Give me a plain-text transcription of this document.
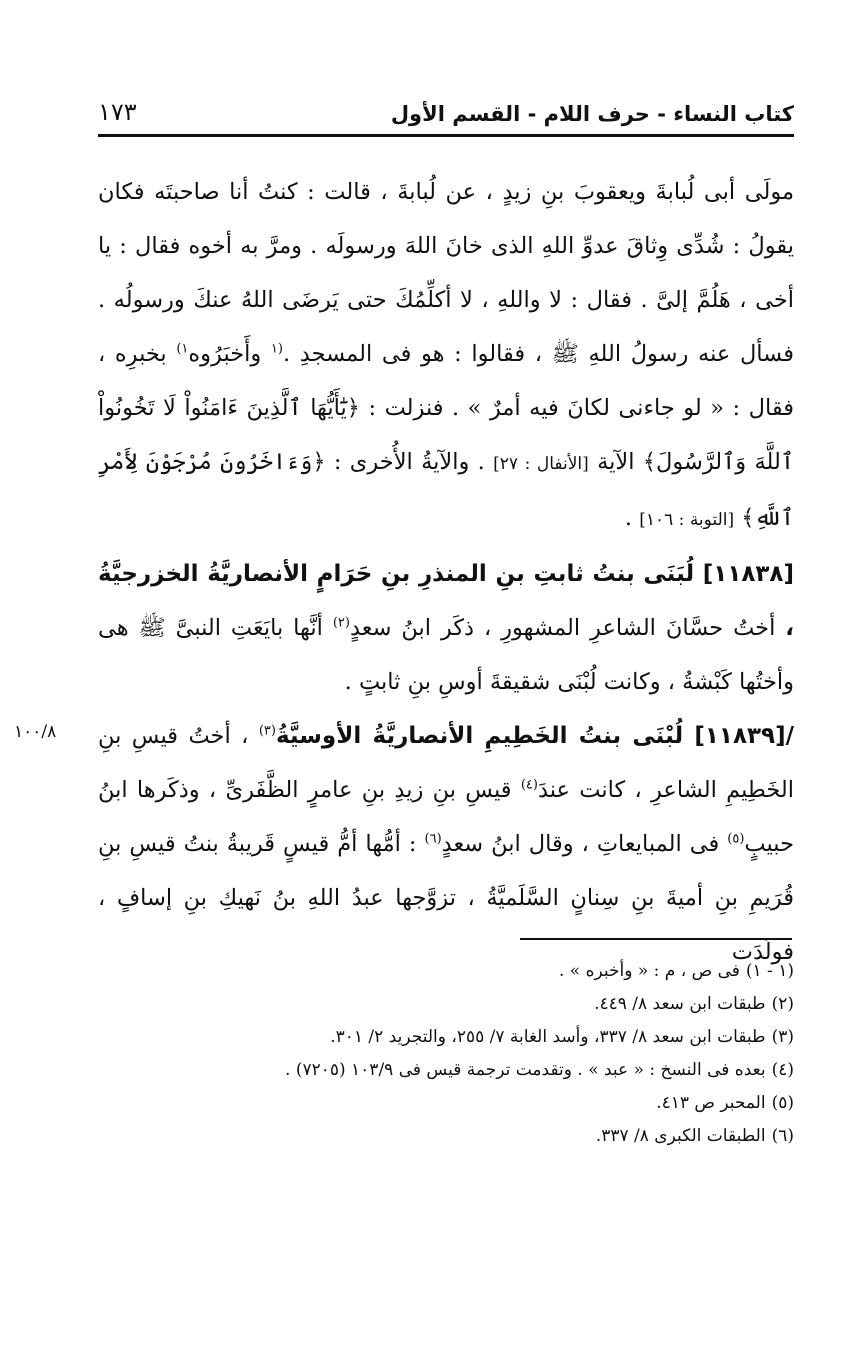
كتاب النساء - حرف اللام - القسم الأول
١٧٣
١٠٠/٨

مولَى أبى لُبابةَ ويعقوبَ بنِ زيدٍ ، عن لُبابةَ ، قالت : كنتُ أنا صاحبتَه فكان يقولُ : شُدِّى وِثاقَ عدوِّ اللهِ الذى خانَ اللهَ ورسولَه . ومرَّ به أخوه فقال : يا أخى ، هَلُمَّ إلىَّ . فقال : لا واللهِ ، لا أكلِّمُكَ حتى يَرضَى اللهُ عنكَ ورسولُه . فسأل عنه رسولُ اللهِ ﷺ ، فقالوا : هو فى المسجدِ .$^{(١}$ وأَخبَرُوه$^{١)}$ بخبرِه ، فقال : « لو جاءنى لكانَ فيه أمرٌ » . فنزلت : ﴿يَٰٓأَيُّهَا ٱلَّذِينَ ءَامَنُواْ لَا تَخُونُواْ ٱللَّهَ وَٱلرَّسُولَ﴾ الآية [الأنفال : ٢٧] . والآيةُ الأُخرى : ﴿وَءَاخَرُونَ مُرْجَوْنَ لِأَمْرِ ٱللَّهِ﴾ [التوبة : ١٠٦] .

[١١٨٣٨] لُبَنَى بنتُ ثابتِ بنِ المنذرِ بنِ حَرَامٍ الأنصاريَّةُ الخزرجيَّةُ ، أختُ حسَّانَ الشاعرِ المشهورِ ، ذكَر ابنُ سعدٍ$^{(٢)}$ أنَّها بايَعَتِ النبىَّ ﷺ هى وأختُها كَبْشةُ ، وكانت لُبْنَى شقيقةَ أوسِ بنِ ثابتٍ .

/[١١٨٣٩] لُبْنَى بنتُ الخَطِيمِ الأنصاريَّةُ الأوسيَّةُ$^{(٣)}$ ، أختُ قيسِ بنِ الخَطِيمِ الشاعرِ ، كانت عندَ$^{(٤)}$ قيسِ بنِ زيدِ بنِ عامرٍ الظَّفَرىِّ ، وذكَرها ابنُ حبيبٍ$^{(٥)}$ فى المبايعاتِ ، وقال ابنُ سعدٍ$^{(٦)}$ : أمُّها أمُّ قيسٍ قَريبةُ بنتُ قيسِ بنِ قُرَيمِ بنِ أميةَ بنِ سِنانٍ السَّلَميَّةُ ، تزوَّجها عبدُ اللهِ بنُ نَهيكِ بنِ إسافٍ ، فولَدَت

(١ - ١)فى ص ، م : « وأخبره » .

(٢)طبقات ابن سعد ٨/ ٤٤٩.

(٣)طبقات ابن سعد ٨/ ٣٣٧، وأسد الغابة ٧/ ٢٥٥، والتجريد ٢/ ٣٠١.

(٤)بعده فى النسخ : « عبد » . وتقدمت ترجمة قيس فى ١٠٣/٩ (٧٢٠٥) .

(٥)المحبر ص ٤١٣.

(٦)الطبقات الكبرى ٨/ ٣٣٧.
